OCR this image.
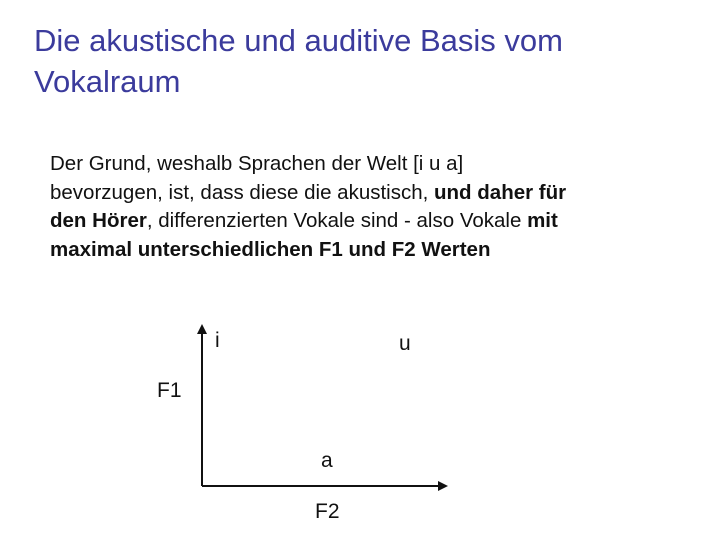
Die akustische und auditive Basis vom
Vokalraum

Der Grund, weshalb Sprachen der Welt [i u a]
bevorzugen, ist, dass diese die akustisch, und daher für
den Hörer, differenzierten Vokale sind - also Vokale mit
maximal unterschiedlichen F1 und F2 Werten

i	u
F1
a
F2
